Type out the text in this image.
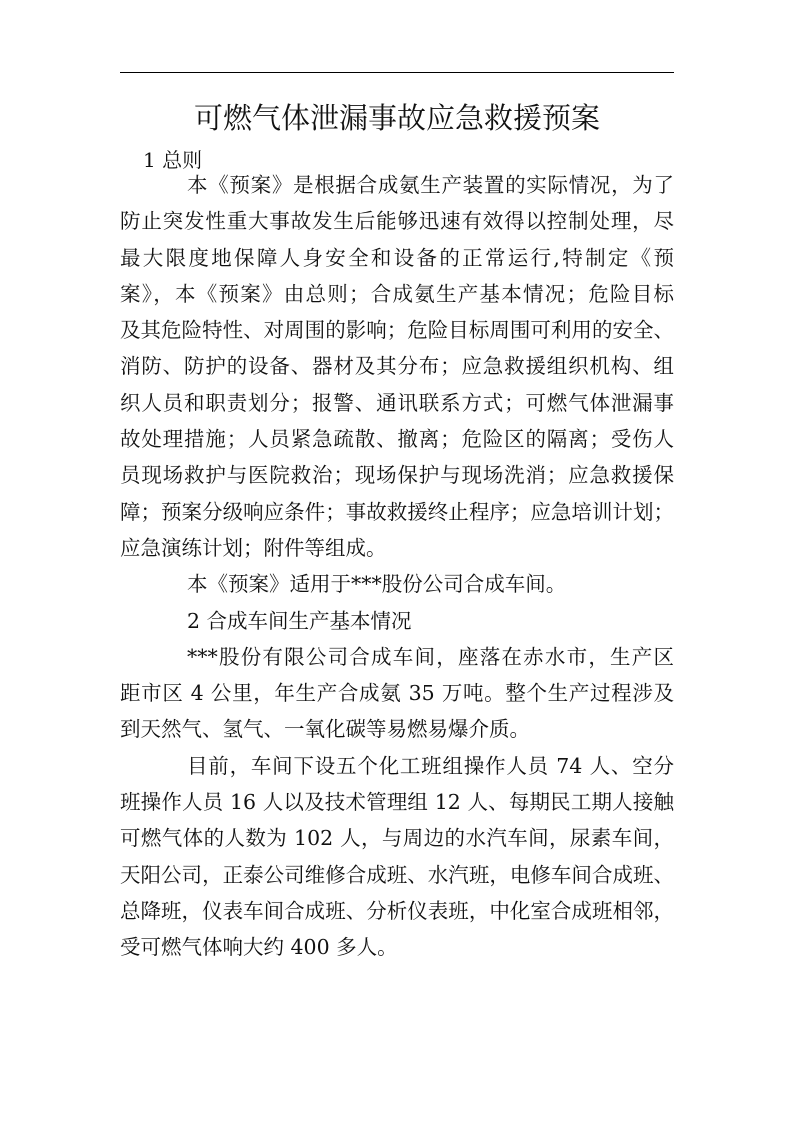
可燃气体泄漏事故应急救援预案
1 总则
本《预案》是根据合成氨生产装置的实际情况，为了
防止突发性重大事故发生后能够迅速有效得以控制处理，尽
最大限度地保障人身安全和设备的正常运行,特制定《预
案》，本《预案》由总则；合成氨生产基本情况；危险目标
及其危险特性、对周围的影响；危险目标周围可利用的安全、
消防、防护的设备、器材及其分布；应急救援组织机构、组
织人员和职责划分；报警、通讯联系方式；可燃气体泄漏事
故处理措施；人员紧急疏散、撤离；危险区的隔离；受伤人
员现场救护与医院救治；现场保护与现场洗消；应急救援保
障；预案分级响应条件；事故救援终止程序；应急培训计划；
应急演练计划；附件等组成。
本《预案》适用于***股份公司合成车间。
2 合成车间生产基本情况
***股份有限公司合成车间，座落在赤水市，生产区
距市区 4 公里，年生产合成氨 35 万吨。整个生产过程涉及
到天然气、氢气、一氧化碳等易燃易爆介质。
目前，车间下设五个化工班组操作人员 74 人、空分
班操作人员 16 人以及技术管理组 12 人、每期民工期人接触
可燃气体的人数为 102 人，与周边的水汽车间，尿素车间，
天阳公司，正泰公司维修合成班、水汽班，电修车间合成班、
总降班，仪表车间合成班、分析仪表班，中化室合成班相邻，
受可燃气体响大约 400 多人。
